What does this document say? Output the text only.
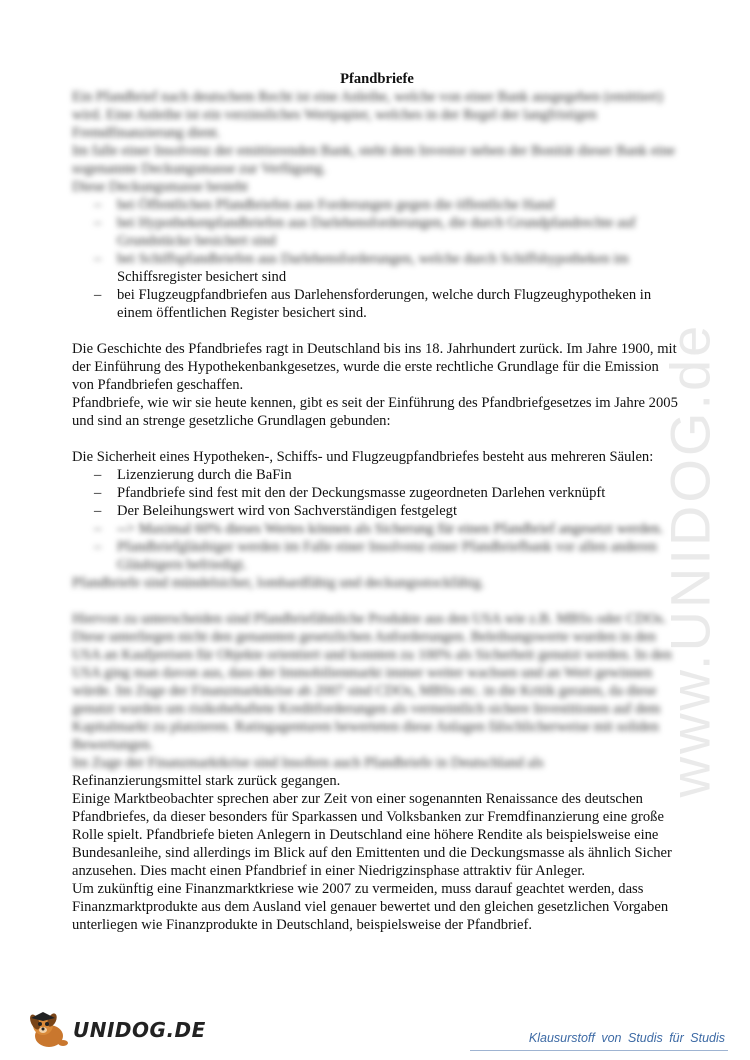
www.UNIDOG.de

Pfandbriefe

Ein Pfandbrief nach deutschem Recht ist eine Anleihe, welche von einer Bank ausgegeben (emittiert) wird. Eine Anleihe ist ein verzinsliches Wertpapier, welches in der Regel der langfristigen Fremdfinanzierung dient.

Im falle einer Insolvenz der emittierenden Bank, steht dem Investor neben der Bonität dieser Bank eine sogenannte Deckungsmasse zur Verfügung.

Diese Deckungsmasse besteht

– bei Öffentlichen Pfandbriefen aus Forderungen gegen die öffentliche Hand
– bei Hypothekenpfandbriefen aus Darlehensforderungen, die durch Grundpfandrechte auf Grundstücke besichert sind
– bei Schiffspfandbriefen aus Darlehensforderungen, welche durch Schiffshypotheken im
Schiffsregister besichert sind
– bei Flugzeugpfandbriefen aus Darlehensforderungen, welche durch Flugzeughypotheken in einem öffentlichen Register besichert sind.

Die Geschichte des Pfandbriefes ragt in Deutschland bis ins 18. Jahrhundert zurück. Im Jahre 1900, mit der Einführung des Hypothekenbankgesetzes, wurde die erste rechtliche Grundlage für die Emission von Pfandbriefen geschaffen.

Pfandbriefe, wie wir sie heute kennen, gibt es seit der Einführung des Pfandbriefgesetzes im Jahre 2005 und sind an strenge gesetzliche Grundlagen gebunden:

Die Sicherheit eines Hypotheken-, Schiffs- und Flugzeugpfandbriefes besteht aus mehreren Säulen:

– Lizenzierung durch die BaFin
– Pfandbriefe sind fest mit den der Deckungsmasse zugeordneten Darlehen verknüpft
– Der Beleihungswert wird von Sachverständigen festgelegt
– --> Maximal 60% dieses Wertes können als Sicherung für einen Pfandbrief angesetzt werden.
– Pfandbriefgläubiger werden im Falle einer Insolvenz einer Pfandbriefbank vor allen anderen Gläubigern befriedigt.

Pfandbriefe sind mündelsicher, lombardfähig und deckungsstockfähig.

Hiervon zu unterscheiden sind Pfandbriefähnliche Produkte aus den USA wie z.B. MBSs oder CDOs. Diese unterliegen nicht den genannten gesetzlichen Anforderungen. Beleihungswerte wurden in den USA an Kaufpreisen für Objekte orientiert und konnten zu 100% als Sicherheit genutzt werden. In den USA ging man davon aus, dass der Immobilienmarkt immer weiter wachsen und an Wert gewinnen würde. Im Zuge der Finanzmarktkrise ab 2007 sind CDOs, MBSs etc. in die Kritik geraten, da diese genutzt wurden um risikobehaftete Kreditforderungen als vermeintlich sichere Investitionen auf dem Kapitalmarkt zu platzieren. Ratingagenturen bewerteten diese Anlagen fälschlicherweise mit soliden Bewertungen.

Im Zuge der Finanzmarktkrise sind lnsofern auch Pfandbriefe in Deutschland als

Refinanzierungsmittel stark zurück gegangen.

Einige Marktbeobachter sprechen aber zur Zeit von einer sogenannten Renaissance des deutschen Pfandbriefes, da dieser besonders für Sparkassen und Volksbanken zur Fremdfinanzierung eine große Rolle spielt. Pfandbriefe bieten Anlegern in Deutschland eine höhere Rendite als beispielsweise eine Bundesanleihe, sind allerdings im Blick auf den Emittenten und die Deckungsmasse als ähnlich Sicher anzusehen. Dies macht einen Pfandbrief in einer Niedrigzinsphase attraktiv für Anleger.

Um zukünftig eine Finanzmarktkriese wie 2007 zu vermeiden, muss darauf geachtet werden, dass Finanzmarktprodukte aus dem Ausland viel genauer bewertet und den gleichen gesetzlichen Vorgaben unterliegen wie Finanzprodukte in Deutschland, beispielsweise der Pfandbrief.

UNIDOG.DE	Klausurstoff von Studis für Studis
